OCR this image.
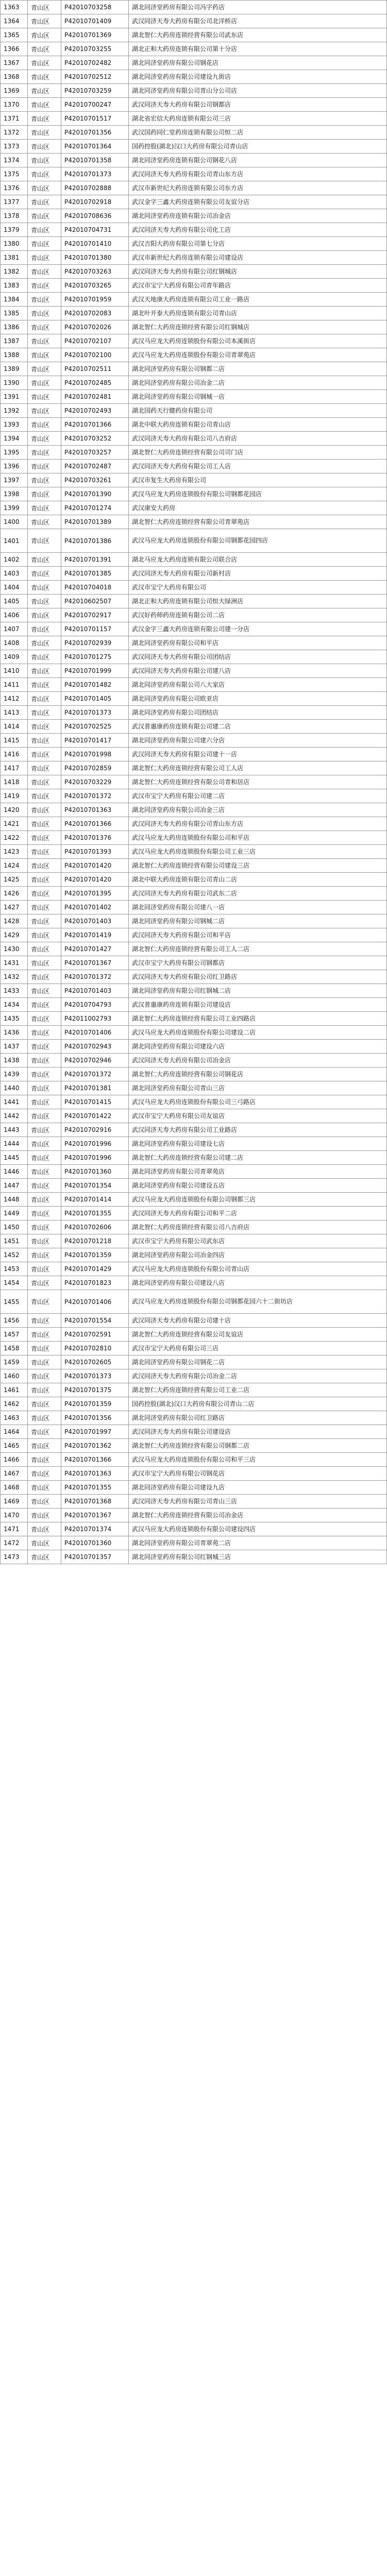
1363	青山区	P42010703258	湖北同济堂药房有限公司冯字药店
1364	青山区	P42010701409	武汉同济天寿大药房有限公司北洋桥店
1365	青山区	P42010701369	湖北智仁大药房连锁经营有限公司武东店
1366	青山区	P42010703255	湖北正和大药房连锁有限公司第十分店
1367	青山区	P42010702482	湖北同济堂药房有限公司钢花店
1368	青山区	P42010702512	湖北同济堂药房有限公司建设九街店
1369	青山区	P42010703259	湖北同济堂药房有限公司青山分公司店
1370	青山区	P42010700247	武汉同济天寿大药房有限公司钢都店
1371	青山区	P42010701517	湖北省宏信大药房连锁有限公司三店
1372	青山区	P42010701356	武汉国药同仁堂药房连锁有限公司恒二店
1373	青山区	P42010701364	国药控股(湖北)汉口大药房有限公司青山店
1374	青山区	P42010701358	湖北同济堂药房连锁有限公司钢花八店
1375	青山区	P42010701373	武汉同济天寿大药房有限公司青山东方店
1376	青山区	P42010702888	武汉市新世纪大药房连锁有限公司东方店
1377	青山区	P42010702918	武汉金字三鑫大药房连锁有限公司友谊分店
1378	青山区	P42010708636	湖北同济堂药房连锁有限公司冶金店
1379	青山区	P42010704731	武汉同济天寿大药房有限公司化工店
1380	青山区	P42010701410	武汉吉阳大药房有限公司第七分店
1381	青山区	P42010701380	武汉市新世纪大药房连锁有限公司建设店
1382	青山区	P42010703263	武汉同济天寿大药房有限公司红钢城店
1383	青山区	P42010703265	武汉市宝宁大药房有限公司青年路店
1384	青山区	P42010701959	武汉天地康大药房连锁有限公司工业一路店
1385	青山区	P42010702083	湖北叶开泰大药房连锁有限公司青山店
1386	青山区	P42010702026	湖北智仁大药房连锁经营有限公司红钢城店
1387	青山区	P42010702107	武汉马应龙大药房连锁股份有限公司本溪街店
1388	青山区	P42010702100	武汉马应龙大药房连锁股份有限公司青翠苑店
1389	青山区	P42010702511	湖北同济堂药房有限公司钢都二店
1390	青山区	P42010702485	湖北同济堂药房有限公司冶金二店
1391	青山区	P42010702481	湖北同济堂药房有限公司钢城一店
1392	青山区	P42010702493	湖北国药天行健药房有限公司
1393	青山区	P42010701366	湖北中联大药房连锁有限公司青山店
1394	青山区	P42010703252	武汉同济天寿大药房有限公司八吉府店
1395	青山区	P42010703257	湖北智仁大药房连锁经营有限公司司门店
1396	青山区	P42010702487	武汉同济天寿大药房有限公司工人店
1397	青山区	P42010703261	武汉市复生大药房有限公司
1398	青山区	P42010701390	武汉马应龙大药房连锁股份有限公司钢都花园店
1399	青山区	P42010701274	武汉康安大药房
1400	青山区	P42010701389	湖北智仁大药房连锁经营有限公司青翠苑店
1401	青山区	P42010701386	武汉马应龙大药房连锁股份有限公司钢都花园四店
1402	青山区	P42010701391	湖北马应龙大药房连锁有限公司联合店
1403	青山区	P42010701385	武汉同济天寿大药房有限公司新村店
1404	青山区	P42010704018	武汉市宝宁大药房有限公司
1405	青山区	P42010602507	湖北正和大药房连锁有限公司恒大绿洲店
1406	青山区	P42010702917	武汉好药师药房连锁有限公司二店
1407	青山区	P42010701157	武汉金字三鑫大药房连锁有限公司建一分店
1408	青山区	P42010702939	湖北同济堂药房有限公司和平店
1409	青山区	P42010701275	武汉同济天寿大药房有限公司团结店
1410	青山区	P42010701999	武汉同济天寿大药房有限公司建八店
1411	青山区	P42010701482	湖北同济堂药房有限公司八大家店
1412	青山区	P42010701405	湖北同济堂药房有限公司欧亚店
1413	青山区	P42010701373	湖北同济堂药房有限公司团结店
1414	青山区	P42010702525	武汉普惠康药房连锁有限公司建二店
1415	青山区	P42010701417	湖北同济堂药房有限公司建六分店
1416	青山区	P42010701998	武汉同济天寿大药房有限公司建十一店
1417	青山区	P42010702859	湖北智仁大药房连锁经营有限公司工人店
1418	青山区	P42010703229	湖北智仁大药房连锁经营有限公司青和居店
1419	青山区	P42010701372	武汉市宝宁大药房有限公司建二店
1420	青山区	P42010701363	湖北同济堂药房有限公司冶金三店
1421	青山区	P42010701366	武汉同济天寿大药房有限公司青山东方店
1422	青山区	P42010701376	武汉马应龙大药房连锁股份有限公司和平店
1423	青山区	P42010701393	武汉马应龙大药房连锁股份有限公司工业三店
1424	青山区	P42010701420	湖北智仁大药房连锁经营有限公司建设三店
1425	青山区	P42010701420	湖北中联大药房连锁有限公司青山二店
1426	青山区	P42010701395	武汉同济天寿大药房有限公司武东二店
1427	青山区	P42010701402	湖北同济堂药房有限公司建八一店
1428	青山区	P42010701403	湖北同济堂药房有限公司钢城二店
1429	青山区	P42010701419	武汉同济天寿大药房有限公司和平店
1430	青山区	P42010701427	湖北智仁大药房连锁经营有限公司工人二店
1431	青山区	P42010701367	武汉市宝宁大药房有限公司钢都店
1432	青山区	P42010701372	武汉同济天寿大药房有限公司红卫路店
1433	青山区	P42010701403	湖北同济堂药房有限公司红钢城二店
1434	青山区	P42010704793	武汉普惠康药房连锁有限公司建设店
1435	青山区	P42011002793	湖北智仁大药房连锁经营有限公司工业四路店
1436	青山区	P42010701406	武汉马应龙大药房连锁股份有限公司建设二店
1437	青山区	P42010702943	湖北同济堂药房有限公司建设六店
1438	青山区	P42010702946	武汉同济天寿大药房有限公司冶金店
1439	青山区	P42010701372	湖北智仁大药房连锁经营有限公司钢花店
1440	青山区	P42010701381	湖北同济堂药房有限公司青山三店
1441	青山区	P42010701415	武汉马应龙大药房连锁股份有限公司三弓路店
1442	青山区	P42010701422	武汉市宝宁大药房有限公司友谊店
1443	青山区	P42010702916	武汉同济天寿大药房有限公司工业路店
1444	青山区	P42010701996	湖北同济堂药房有限公司建设七店
1445	青山区	P42010701996	湖北智仁大药房连锁经营有限公司建二店
1446	青山区	P42010701360	湖北同济堂药房有限公司青翠苑店
1447	青山区	P42010701354	湖北同济堂药房有限公司建设五店
1448	青山区	P42010701414	武汉马应龙大药房连锁股份有限公司钢都三店
1449	青山区	P42010701355	武汉同济天寿大药房有限公司和平二店
1450	青山区	P42010702606	湖北智仁大药房连锁经营有限公司八吉府店
1451	青山区	P42010701218	武汉市宝宁大药房有限公司武东店
1452	青山区	P42010701359	湖北同济堂药房有限公司冶金四店
1453	青山区	P42010701429	武汉马应龙大药房连锁股份有限公司青山店
1454	青山区	P42010701823	湖北同济堂药房有限公司建设八店
1455	青山区	P42010701406	武汉马应龙大药房连锁股份有限公司钢都花园六十二街坊店
1456	青山区	P42010701554	武汉同济天寿大药房有限公司建十店
1457	青山区	P42010702591	湖北智仁大药房连锁经营有限公司友谊店
1458	青山区	P42010702810	武汉市宝宁大药房有限公司三店
1459	青山区	P42010702605	湖北同济堂药房有限公司钢花二店
1460	青山区	P42010701373	武汉同济天寿大药房有限公司冶金二店
1461	青山区	P42010701375	湖北智仁大药房连锁经营有限公司工业二店
1462	青山区	P42010701359	国药控股(湖北)汉口大药房有限公司青山二店
1463	青山区	P42010701356	湖北同济堂药房有限公司红卫路店
1464	青山区	P42010701997	武汉同济天寿大药房有限公司建设店
1465	青山区	P42010701362	湖北智仁大药房连锁经营有限公司钢都二店
1466	青山区	P42010701366	武汉马应龙大药房连锁股份有限公司和平三店
1467	青山区	P42010701363	武汉市宝宁大药房有限公司钢花店
1468	青山区	P42010701355	湖北同济堂药房有限公司建设九店
1469	青山区	P42010701368	武汉同济天寿大药房有限公司青山三店
1470	青山区	P42010701367	湖北智仁大药房连锁经营有限公司冶金店
1471	青山区	P42010701374	武汉马应龙大药房连锁股份有限公司建设四店
1472	青山区	P42010701360	湖北同济堂药房有限公司青翠苑二店
1473	青山区	P42010701357	湖北同济堂药房有限公司红钢城三店
